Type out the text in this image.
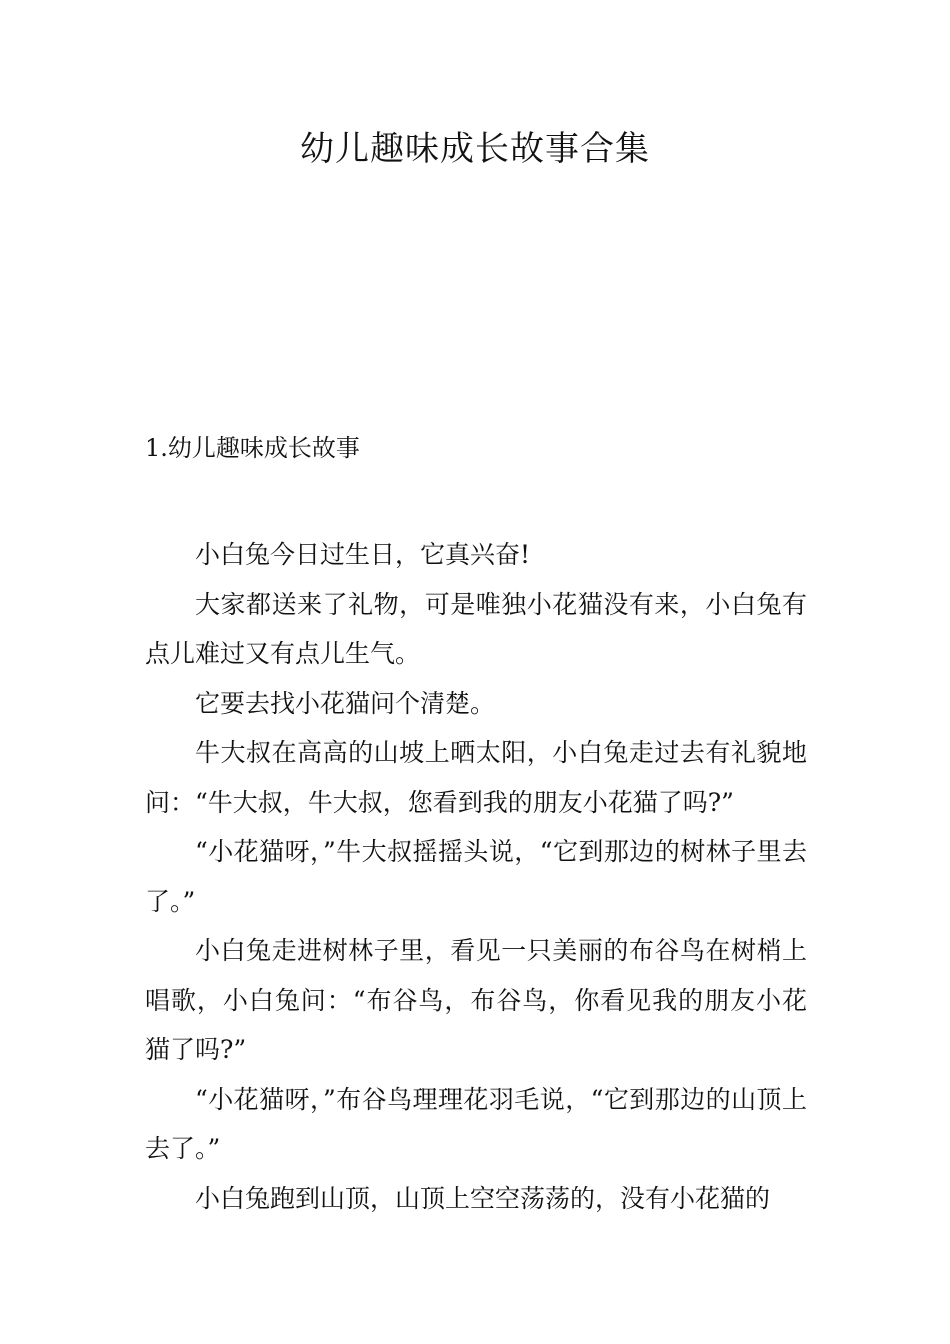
幼儿趣味成长故事合集
1.幼儿趣味成长故事

小白兔今日过生日，它真兴奋!

大家都送来了礼物，可是唯独小花猫没有来，小白兔有点儿难过又有点儿生气。

它要去找小花猫问个清楚。

牛大叔在高高的山坡上晒太阳，小白兔走过去有礼貌地问：“牛大叔，牛大叔，您看到我的朋友小花猫了吗?”

“小花猫呀，”牛大叔摇摇头说，“它到那边的树林子里去了。”

小白兔走进树林子里，看见一只美丽的布谷鸟在树梢上唱歌，小白兔问：“布谷鸟，布谷鸟，你看见我的朋友小花猫了吗?”

“小花猫呀，”布谷鸟理理花羽毛说，“它到那边的山顶上去了。”

小白兔跑到山顶，山顶上空空荡荡的，没有小花猫的
